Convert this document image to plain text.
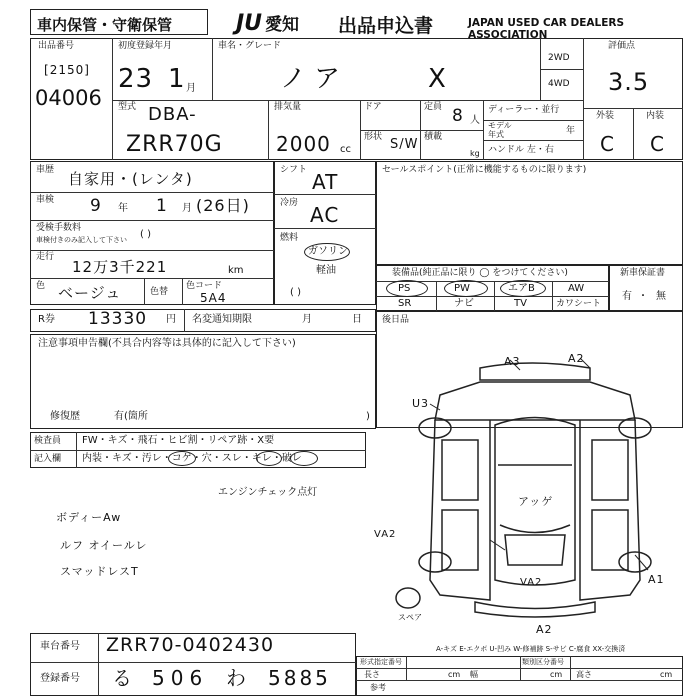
車内保管・守衛保管	JU 愛知 出品申込書	JAPAN USED CAR DEALERS ASSOCIATION
出品番号
[2150]
04006
初度登録年月
23 1 月
車名・グレード
ノア	X
2WD
4WD
評価点
3.5
外装	内装
C C
型式 DBA-
ZRR70G
排気量
2000 cc
ドア
形状 S/W
定員 8 人
積載
kg
ディーラー・並行
モデル
年式	年
ハンドル 左・右
車歴 自家用・(レンタ)
車検 9 年 1 月 (26日)
受検手数料
車検付きのみ記入して下さい ( )
走行
12万3千221	km
色 ベージュ	色替
色コード
5A4
シフト AT
冷房 AC
燃料
ガソリン
軽油
( )
セールスポイント(正常に機能するものに限ります)
装備品(純正品に限り ◯ をつけてください)
PS	PW	エアB	AW
SR	ナビ	TV	カワシート
新車保証書
有 ・ 無
R券 13330 円 名変通知期限	月	日 後日品
注意事項申告欄(不具合内容等は具体的に記入して下さい)
修復歴	有(箇所	)
検査員
記入欄
FW・キズ・飛石・ヒビ割・リペア跡・X要
内装・キズ・汚レ・コゲ・穴・スレ・キレ・破レ
エンジンチェック点灯
ボディーAw
ルフ オイールレ
スマッドレスT
A3	A2
U3
アッゲ
VA2
VA2	A1
A2
スペア
A-キズ E-エクボ U-凹み W-修補跡 S-サビ C-腐食 XX-交換済
車台番号 ZRR70-0402430
登録番号 る 506 わ 5885
形式指定番号	類別区分番号
長さ	cm 幅	cm 高さ	cm
参考
